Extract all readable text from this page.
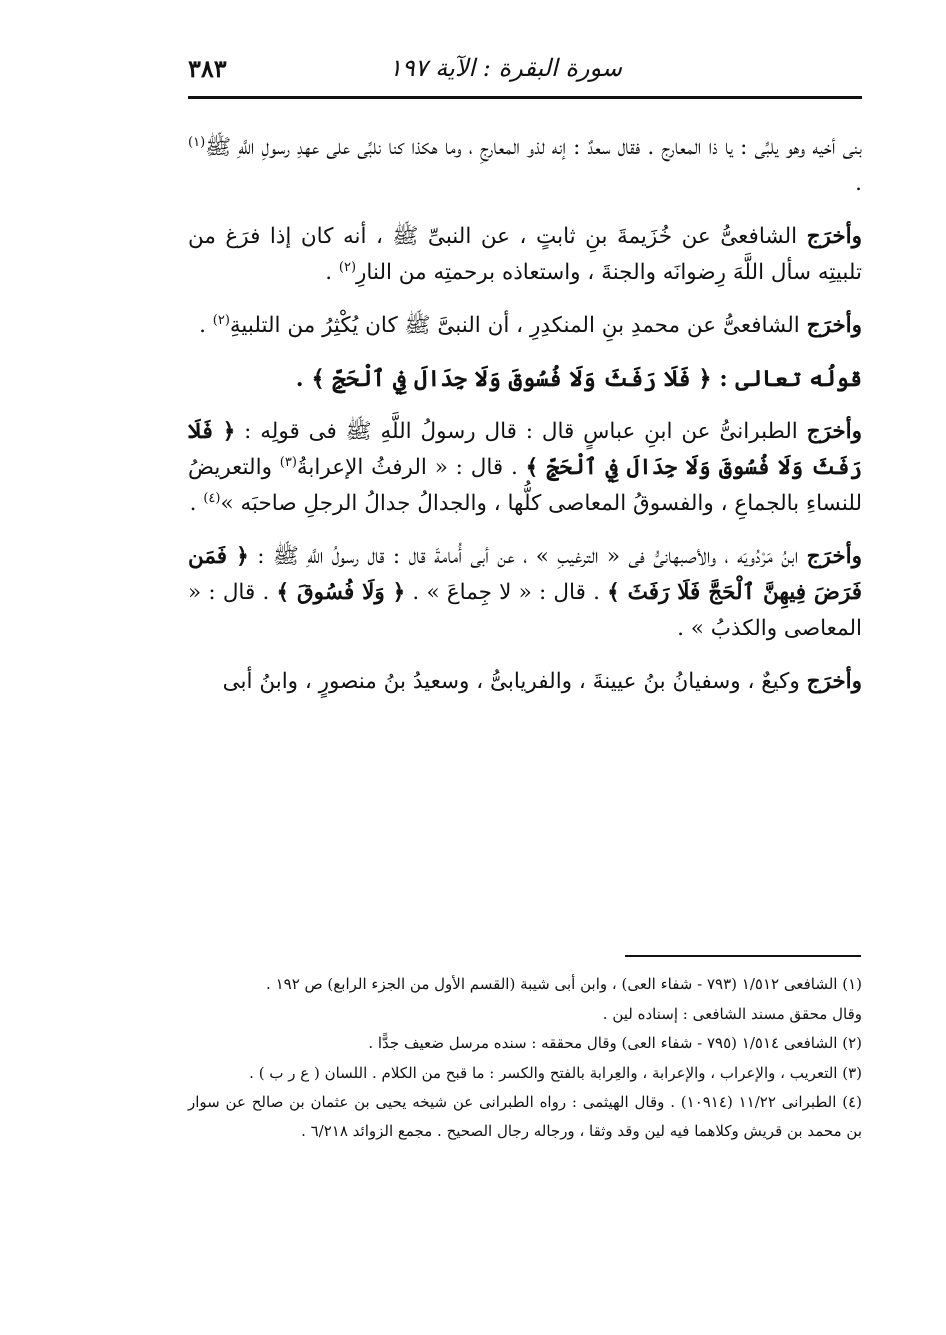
سورة البقرة : الآية ١٩٧
٣٨٣

بنى أخيه وهو يلبِّى : يا ذا المعارج . فقال سعدٌ : إنه لذو المعارجِ ، وما هكذا كنا نلبِّى على عهدِ رسولِ اللَّهِ ﷺ$^{(١)}$ .

وأخرَج الشافعىُّ عن خُزَيمةَ بنِ ثابتٍ ، عن النبىِّ ﷺ ، أنه كان إذا فرَغ من تلبيتِه سأل اللَّهَ رِضوانَه والجنةَ ، واستعاذه برحمتِه من النارِ$^{(٢)}$ .

وأخرَج الشافعىُّ عن محمدِ بنِ المنكدِرِ ، أن النبىَّ ﷺ كان يُكْثِرُ من التلبيةِ$^{(٢)}$ .

قولُه تعالى : ﴿ فَلَا رَفَثَ وَلَا فُسُوقَ وَلَا جِدَالَ فِي ٱلْحَجِّ ﴾ .

وأخرَج الطبرانىُّ عن ابنِ عباسٍ قال : قال رسولُ اللَّهِ ﷺ فى قولِه : ﴿ فَلَا رَفَثَ وَلَا فُسُوقَ وَلَا جِدَالَ فِي ٱلْحَجِّ ﴾ . قال : « الرفثُ الإعرابةُ$^{(٣)}$ والتعريضُ للنساءِ بالجماعِ ، والفسوقُ المعاصى كلُّها ، والجدالُ جدالُ الرجلِ صاحبَه »$^{(٤)}$ .

وأخرَج ابنُ مَرْدُويَه ، والأصبهانىُّ فى « الترغيبِ » ، عن أبى أُمامةَ قال : قال رسولُ اللَّهِ ﷺ : ﴿ فَمَن فَرَضَ فِيهِنَّ ٱلْحَجَّ فَلَا رَفَثَ ﴾ . قال : « لا جِماعَ » . ﴿ وَلَا فُسُوقَ ﴾ . قال : « المعاصى والكذبُ » .

وأخرَج وكيعٌ ، وسفيانُ بنُ عيينةَ ، والفريابىُّ ، وسعيدُ بنُ منصورٍ ، وابنُ أبى

(١) الشافعى ١/٥١٢ (٧٩٣ - شفاء العى) ، وابن أبى شيبة (القسم الأول من الجزء الرابع) ص ١٩٢ .

وقال محقق مسند الشافعى : إسناده لين .

(٢) الشافعى ١/٥١٤ (٧٩٥ - شفاء العى) وقال محققه : سنده مرسل ضعيف جدًّا .

(٣) التعريب ، والإعراب ، والإعرابة ، والعِرابة بالفتح والكسر : ما قبح من الكلام . اللسان ( ع ر ب ) .

(٤) الطبرانى ١١/٢٢ (١٠٩١٤) . وقال الهيثمى : رواه الطبرانى عن شيخه يحيى بن عثمان بن صالح عن سوار بن محمد بن قريش وكلاهما فيه لين وقد وثقا ، ورجاله رجال الصحيح . مجمع الزوائد ٦/٢١٨ .
